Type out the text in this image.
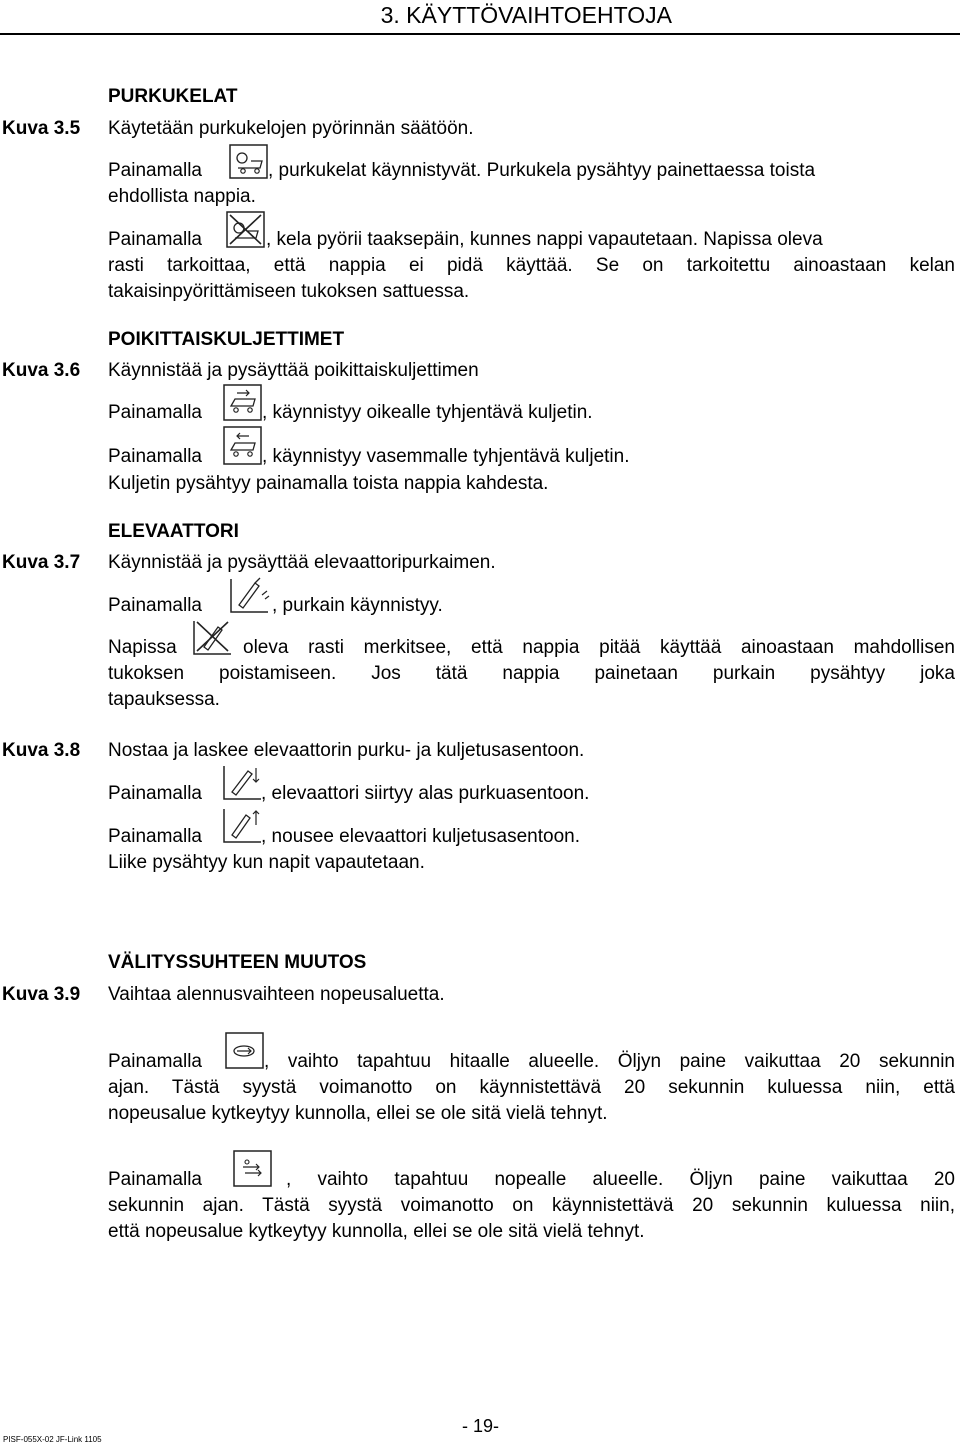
3. KÄYTTÖVAIHTOEHTOJA
PURKUKELAT
Kuva 3.5 Käytetään purkukelojen pyörinnän säätöön.
Painamalla	, purkukelat käynnistyvät. Purkukela pysähtyy painettaessa toista
ehdollista nappia.
Painamalla	, kela pyörii taaksepäin, kunnes nappi vapautetaan. Napissa oleva
rasti tarkoittaa, että nappia ei pidä käyttää. Se on tarkoitettu ainoastaan kelan
takaisinpyörittämiseen tukoksen sattuessa.
POIKITTAISKULJETTIMET
Kuva 3.6 Käynnistää ja pysäyttää poikittaiskuljettimen
Painamalla	, käynnistyy oikealle tyhjentävä kuljetin.
Painamalla	, käynnistyy vasemmalle tyhjentävä kuljetin.
Kuljetin pysähtyy painamalla toista nappia kahdesta.
ELEVAATTORI
Kuva 3.7 Käynnistää ja pysäyttää elevaattoripurkaimen.
Painamalla	, purkain käynnistyy.
Napissa	oleva rasti merkitsee, että nappia pitää käyttää ainoastaan mahdollisen
tukoksen poistamiseen. Jos tätä nappia painetaan purkain pysähtyy joka
tapauksessa.
Kuva 3.8 Nostaa ja laskee elevaattorin purku- ja kuljetusasentoon.
Painamalla	, elevaattori siirtyy alas purkuasentoon.
Painamalla	, nousee elevaattori kuljetusasentoon.
Liike pysähtyy kun napit vapautetaan.
VÄLITYSSUHTEEN MUUTOS
Kuva 3.9 Vaihtaa alennusvaihteen nopeusaluetta.
Painamalla	, vaihto tapahtuu hitaalle alueelle. Öljyn paine vaikuttaa 20 sekunnin
ajan. Tästä syystä voimanotto on käynnistettävä 20 sekunnin kuluessa niin, että
nopeusalue kytkeytyy kunnolla, ellei se ole sitä vielä tehnyt.
Painamalla	, vaihto tapahtuu nopealle alueelle. Öljyn paine vaikuttaa 20
sekunnin ajan. Tästä syystä voimanotto on käynnistettävä 20 sekunnin kuluessa niin,
että nopeusalue kytkeytyy kunnolla, ellei se ole sitä vielä tehnyt.
- 19-
PISF-055X-02 JF-Link 1105
